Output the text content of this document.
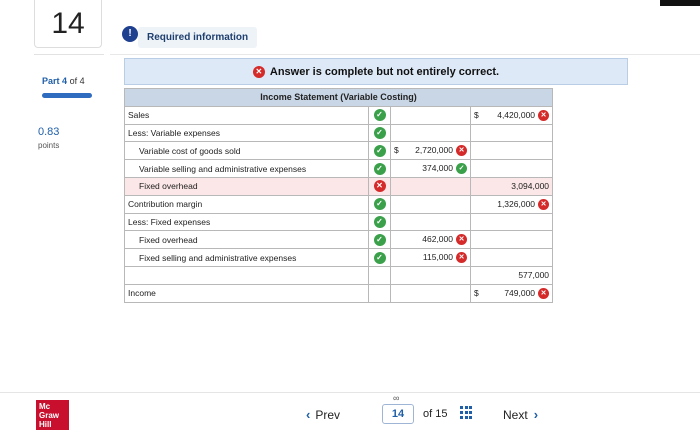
14
Part 4 of 4
0.83
points
!	Required information
✕ Answer is complete but not entirely correct.
Income Statement (Variable Costing)			
Sales	✓		$ 4,420,000 ✕
Less: Variable expenses	✓		
Variable cost of goods sold	✓	$ 2,720,000 ✕	
Variable selling and administrative expenses	✓	374,000 ✓	
Fixed overhead	✕		3,094,000
Contribution margin	✓		1,326,000 ✕
Less: Fixed expenses	✓		
Fixed overhead	✓	462,000 ✕	
Fixed selling and administrative expenses	✓	115,000 ✕	
			577,000
Income			$ 749,000 ✕
Mc
Graw
Hill
‹ Prev
∞
14	of 15	Next ›
